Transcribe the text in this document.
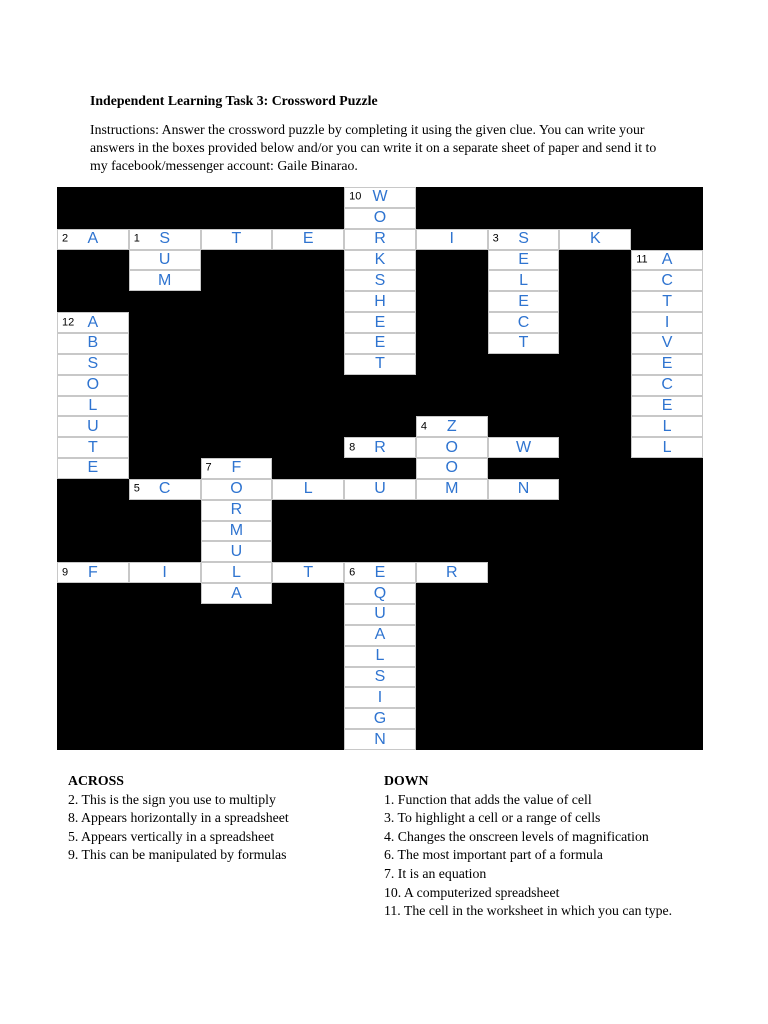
Independent Learning Task 3: Crossword Puzzle

Instructions: Answer the crossword puzzle by completing it using the given clue. You can write your answers in the boxes provided below and/or you can write it on a separate sheet of paper and send it to my facebook/messenger account: Gaile Binarao.

10 W
O
2 A	1 S	T	E	R	I	3 S	K
U	K	E	11 A
M	S	L	C
H	E	T
12 A	E	C	I
B	E	T	V
S	T	E
O	C
L	E
U	4 Z	L
T	8 R	O	W	L
E	7 F	O
5 C	O	L	U	M	N
R
M
U
9 F	I	L	T	6 E	R
A	Q
U
A
L
S
I
G
N
ACROSS
2. This is the sign you use to multiply
8. Appears horizontally in a spreadsheet
5. Appears vertically in a spreadsheet
9. This can be manipulated by formulas
DOWN
1. Function that adds the value of cell
3. To highlight a cell or a range of cells
4. Changes the onscreen levels of magnification
6. The most important part of a formula
7. It is an equation
10. A computerized spreadsheet
11. The cell in the worksheet in which you can type.
